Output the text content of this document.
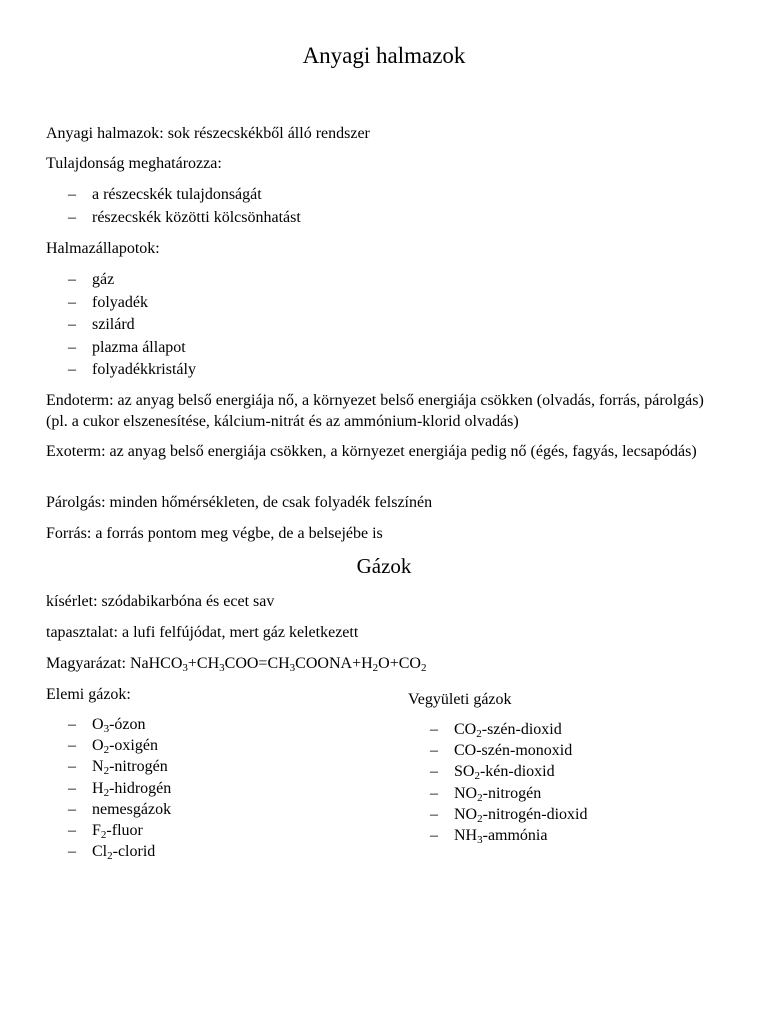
Anyagi halmazok

Anyagi halmazok: sok részecskékből álló rendszer

Tulajdonság meghatározza:

– a részecskék tulajdonságát
– részecskék közötti kölcsönhatást

Halmazállapotok:

– gáz
– folyadék
– szilárd
– plazma állapot
– folyadékkristály

Endoterm: az anyag belső energiája nő, a környezet belső energiája csökken (olvadás, forrás, párolgás) (pl. a cukor elszenesítése, kálcium-nitrát és az ammónium-klorid olvadás)

Exoterm: az anyag belső energiája csökken, a környezet energiája pedig nő (égés, fagyás, lecsapódás)

Párolgás: minden hőmérsékleten, de csak folyadék felszínén

Forrás: a forrás pontom meg végbe, de a belsejébe is

Gázok

kísérlet: szódabikarbóna és ecet sav

tapasztalat: a lufi felfújódat, mert gáz keletkezett

Magyarázat: $NaHCO_3+CH_3COO=CH_3COONA+H_2O+CO_2$

Elemi gázok:

– $O_3$-ózon
– $O_2$-oxigén
– $N_2$-nitrogén
– $H_2$-hidrogén
– nemesgázok
– $F_2$-fluor
– $Cl_2$-clorid

Vegyületi gázok

– $CO_2-szén$-dioxid
– CO-szén-monoxid
– $SO_2-kén$-dioxid
– $NO_2$-nitrogén
– $NO_2-nitrogén$-dioxid
– $NH_3$-ammónia
